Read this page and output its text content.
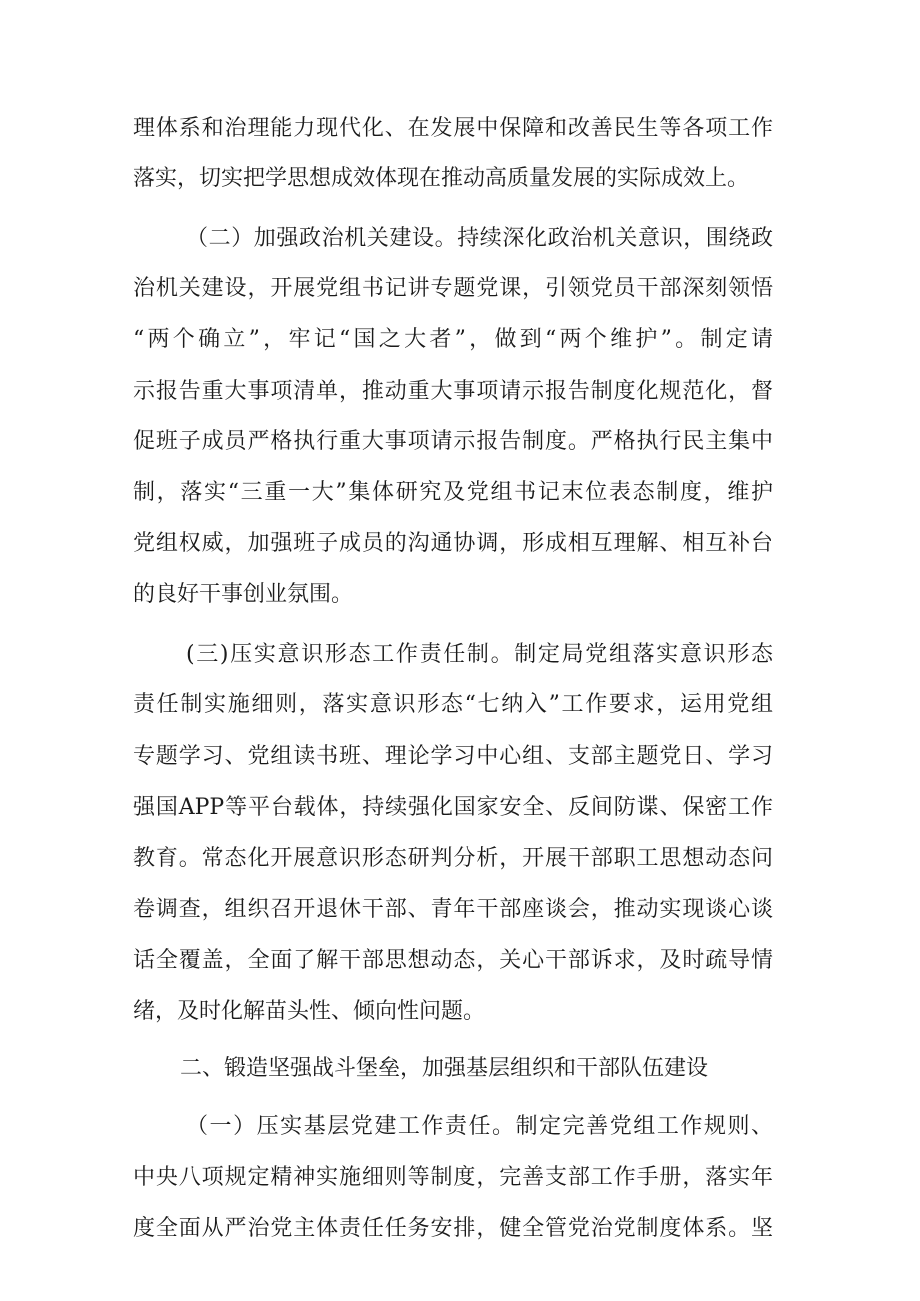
理体系和治理能力现代化、在发展中保障和改善民生等各项工作

落实，切实把学思想成效体现在推动高质量发展的实际成效上。

（二）加强政治机关建设。持续深化政治机关意识，围绕政

治机关建设，开展党组书记讲专题党课，引领党员干部深刻领悟

“两个确立”，牢记“国之大者”，做到“两个维护”。制定请

示报告重大事项清单，推动重大事项请示报告制度化规范化，督

促班子成员严格执行重大事项请示报告制度。严格执行民主集中

制，落实“三重一大”集体研究及党组书记末位表态制度，维护

党组权威，加强班子成员的沟通协调，形成相互理解、相互补台

的良好干事创业氛围。

(三)压实意识形态工作责任制。制定局党组落实意识形态

责任制实施细则，落实意识形态“七纳入”工作要求，运用党组

专题学习、党组读书班、理论学习中心组、支部主题党日、学习

强国APP等平台载体，持续强化国家安全、反间防谍、保密工作

教育。常态化开展意识形态研判分析，开展干部职工思想动态问

卷调查，组织召开退休干部、青年干部座谈会，推动实现谈心谈

话全覆盖，全面了解干部思想动态，关心干部诉求，及时疏导情

绪，及时化解苗头性、倾向性问题。

二、锻造坚强战斗堡垒，加强基层组织和干部队伍建设

（一）压实基层党建工作责任。制定完善党组工作规则、

中央八项规定精神实施细则等制度，完善支部工作手册，落实年

度全面从严治党主体责任任务安排，健全管党治党制度体系。坚
